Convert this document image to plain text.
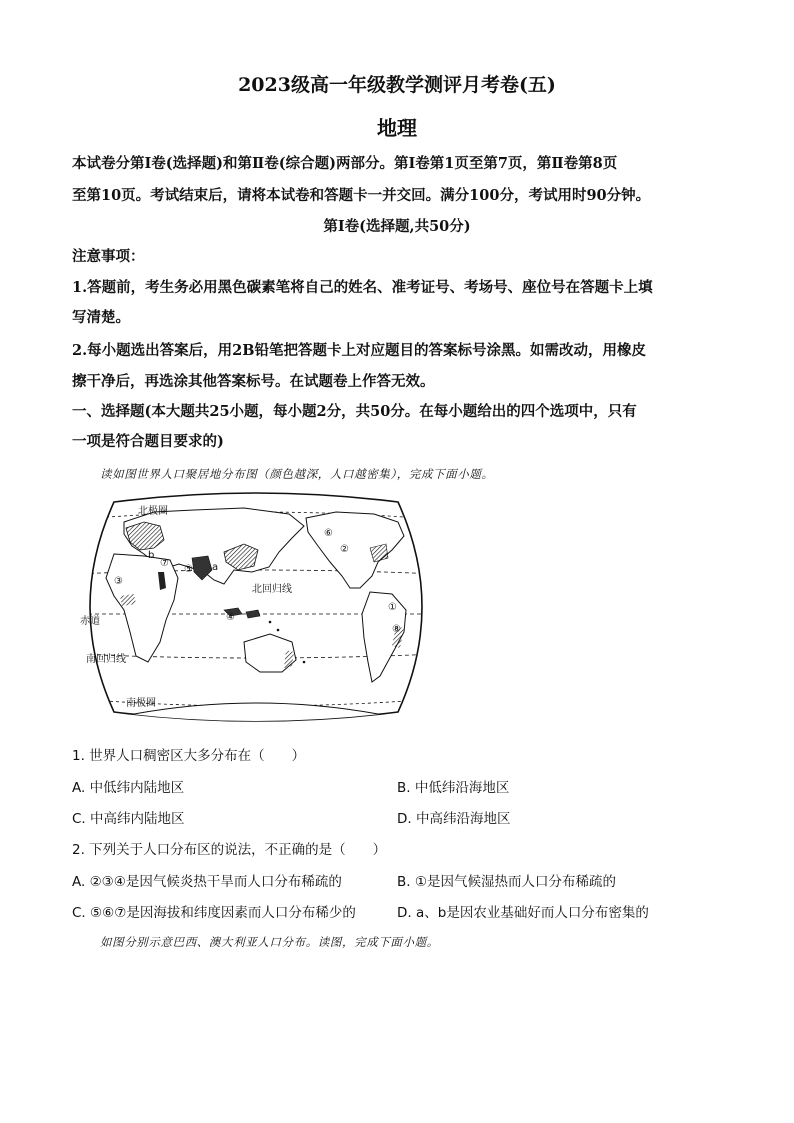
2023级高一年级教学测评月考卷(五)
地理
本试卷分第Ⅰ卷(选择题)和第Ⅱ卷(综合题)两部分。第Ⅰ卷第1页至第7页，第Ⅱ卷第8页
至第10页。考试结束后，请将本试卷和答题卡一并交回。满分100分，考试用时90分钟。
第Ⅰ卷(选择题,共50分)
注意事项：
1.答题前，考生务必用黑色碳素笔将自己的姓名、准考证号、考场号、座位号在答题卡上填
写清楚。
2.每小题选出答案后，用2B铅笔把答题卡上对应题目的答案标号涂黑。如需改动，用橡皮
擦干净后，再选涂其他答案标号。在试题卷上作答无效。
一、选择题(本大题共25小题，每小题2分，共50分。在每小题给出的四个选项中，只有
一项是符合题目要求的)
读如图世界人口聚居地分布图（颜色越深，人口越密集），完成下面小题。
北极圈
北回归线
赤道
南回归线
南极圈
①
②
③
④
⑤
⑥
⑦
⑧
a
b
1. 世界人口稠密区大多分布在（　　）
A. 中低纬内陆地区	B. 中低纬沿海地区
C. 中高纬内陆地区	D. 中高纬沿海地区
2. 下列关于人口分布区的说法，不正确的是（　　）
A. ②③④是因气候炎热干旱而人口分布稀疏的	B. ①是因气候湿热而人口分布稀疏的
C. ⑤⑥⑦是因海拔和纬度因素而人口分布稀少的	D. a、b是因农业基础好而人口分布密集的
如图分别示意巴西、澳大利亚人口分布。读图，完成下面小题。
